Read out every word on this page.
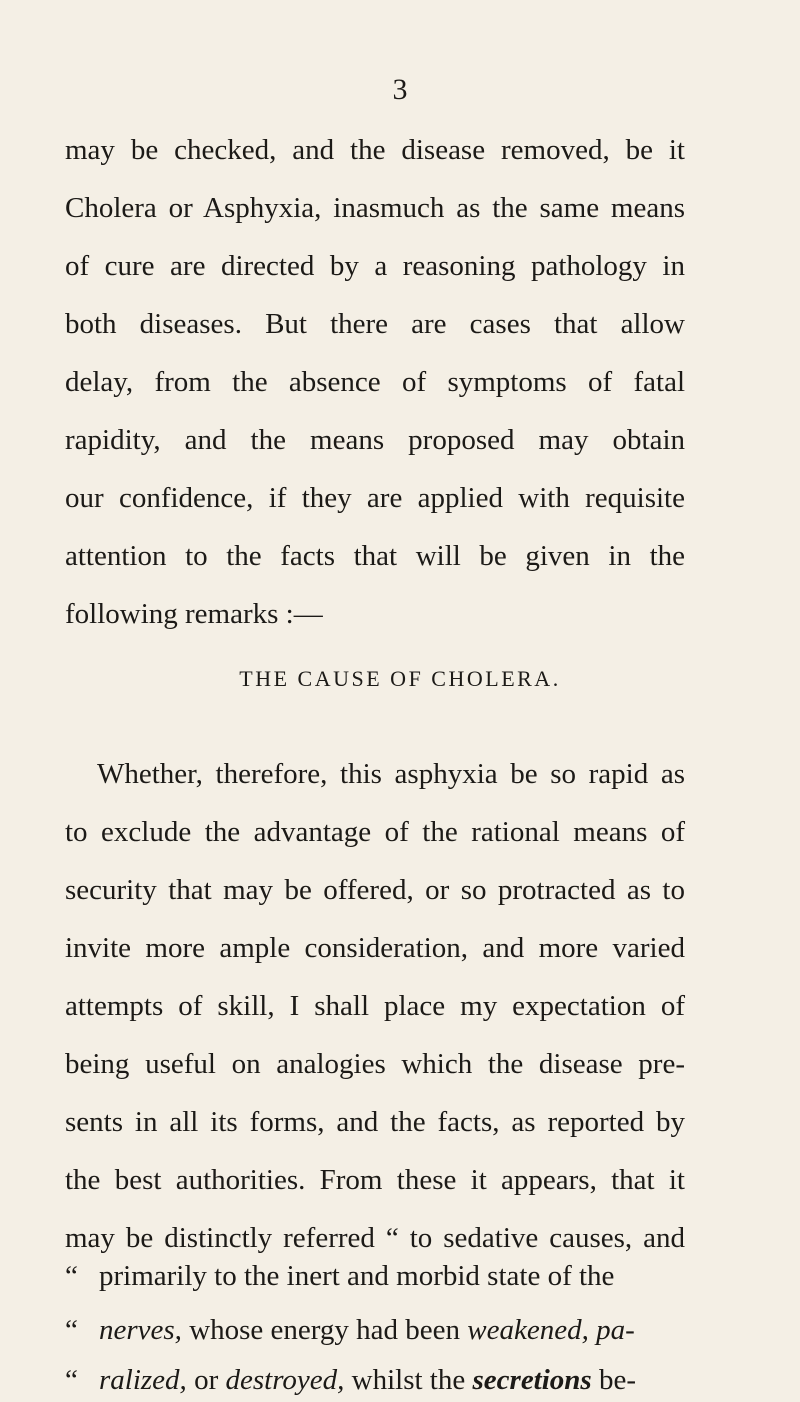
3
may be checked, and the disease removed, be it
Cholera or Asphyxia, inasmuch as the same means
of cure are directed by a reasoning pathology in
both diseases. But there are cases that allow
delay, from the absence of symptoms of fatal
rapidity, and the means proposed may obtain
our confidence, if they are applied with requisite
attention to the facts that will be given in the
following remarks :—
THE CAUSE OF CHOLERA.
Whether, therefore, this asphyxia be so rapid as
to exclude the advantage of the rational means of
security that may be offered, or so protracted as to
invite more ample consideration, and more varied
attempts of skill, I shall place my expectation of
being useful on analogies which the disease pre-
sents in all its forms, and the facts, as reported by
the best authorities. From these it appears, that it
may be distinctly referred “ to sedative causes, and
“ primarily to the inert and morbid state of the
“ nerves, whose energy had been weakened, pa-
“ ralized, or destroyed, whilst the secretions be-
